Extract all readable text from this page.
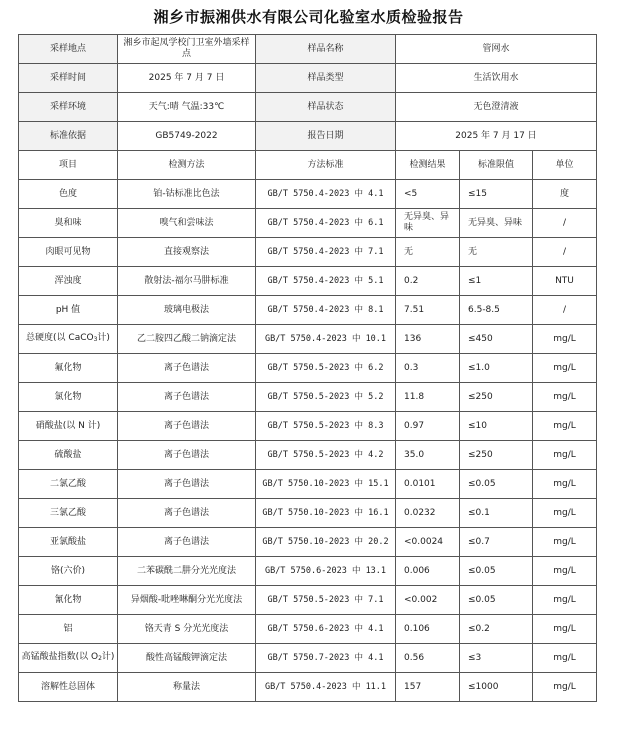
湘乡市振湘供水有限公司化验室水质检验报告
采样地点	湘乡市起凤学校门卫室外墙采样点	样品名称	管网水		
采样时间	2025 年 7 月 7 日	样品类型	生活饮用水		
采样环境	天气:晴 气温:33℃	样品状态	无色澄清液		
标准依据	GB5749-2022	报告日期	2025 年 7 月 17 日		
项目	检测方法	方法标准	检测结果	标准限值	单位
色度	铂-钴标准比色法	GB/T 5750.4-2023 中 4.1	<5	≤15	度
臭和味	嗅气和尝味法	GB/T 5750.4-2023 中 6.1	无异臭、异味	无异臭、异味	/
肉眼可见物	直接观察法	GB/T 5750.4-2023 中 7.1	无	无	/
浑浊度	散射法-福尔马肼标准	GB/T 5750.4-2023 中 5.1	0.2	≤1	NTU
pH 值	玻璃电极法	GB/T 5750.4-2023 中 8.1	7.51	6.5-8.5	/
总硬度(以 CaCO$_3$计)	乙二胺四乙酸二钠滴定法	GB/T 5750.4-2023 中 10.1	136	≤450	mg/L
氟化物	离子色谱法	GB/T 5750.5-2023 中 6.2	0.3	≤1.0	mg/L
氯化物	离子色谱法	GB/T 5750.5-2023 中 5.2	11.8	≤250	mg/L
硝酸盐(以 N 计)	离子色谱法	GB/T 5750.5-2023 中 8.3	0.97	≤10	mg/L
硫酸盐	离子色谱法	GB/T 5750.5-2023 中 4.2	35.0	≤250	mg/L
二氯乙酸	离子色谱法	GB/T 5750.10-2023 中 15.1	0.0101	≤0.05	mg/L
三氯乙酸	离子色谱法	GB/T 5750.10-2023 中 16.1	0.0232	≤0.1	mg/L
亚氯酸盐	离子色谱法	GB/T 5750.10-2023 中 20.2	<0.0024	≤0.7	mg/L
铬(六价)	二苯碳酰二肼分光光度法	GB/T 5750.6-2023 中 13.1	0.006	≤0.05	mg/L
氰化物	异烟酸-吡唑啉酮分光光度法	GB/T 5750.5-2023 中 7.1	<0.002	≤0.05	mg/L
铝	铬天青 S 分光光度法	GB/T 5750.6-2023 中 4.1	0.106	≤0.2	mg/L
高锰酸盐指数(以 $O_2$计)	酸性高锰酸钾滴定法	GB/T 5750.7-2023 中 4.1	0.56	≤3	mg/L
溶解性总固体	称量法	GB/T 5750.4-2023 中 11.1	157	≤1000	mg/L
